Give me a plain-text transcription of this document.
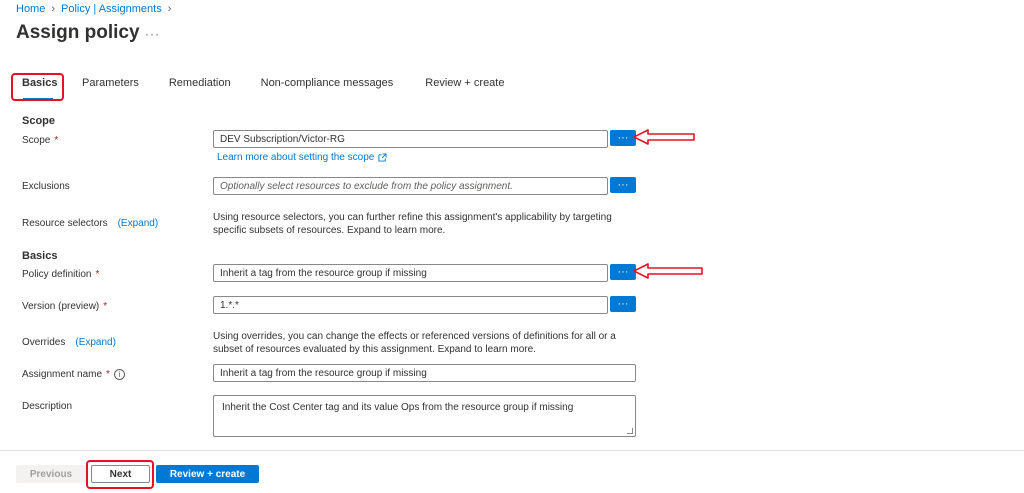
Home › Policy | Assignments ›
Assign policy ···
Basics	Parameters	Remediation	Non-compliance messages	Review + create
Scope
Scope *	DEV Subscription/Victor-RG	···
Learn more about setting the scope
Exclusions	Optionally select resources to exclude from the policy assignment.	···
Resource selectors (Expand)
Using resource selectors, you can further refine this assignment's applicability by targeting
specific subsets of resources. Expand to learn more.
Basics
Policy definition *	Inherit a tag from the resource group if missing	···
Version (preview) *	1.*.*	···
Overrides (Expand)
Using overrides, you can change the effects or referenced versions of definitions for all or a
subset of resources evaluated by this assignment. Expand to learn more.
Assignment name *	i	Inherit a tag from the resource group if missing
Description	Inherit the Cost Center tag and its value Ops from the resource group if missing
Previous	Next	Review + create
